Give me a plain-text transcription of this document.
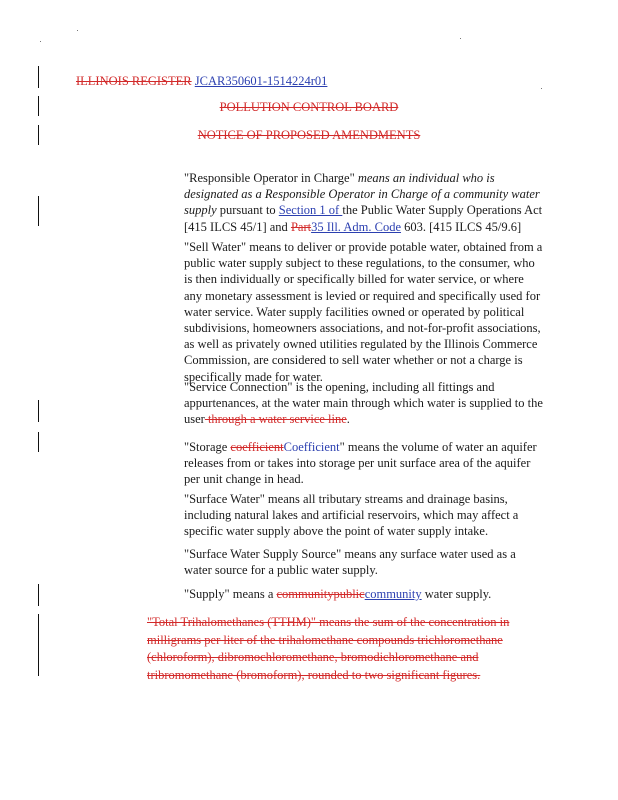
ILLINOIS REGISTER JCAR350601-1514224r01
POLLUTION CONTROL BOARD
NOTICE OF PROPOSED AMENDMENTS

"Responsible Operator in Charge" means an individual who is designated as a Responsible Operator in Charge of a community water supply pursuant to Section 1 of the Public Water Supply Operations Act [415 ILCS 45/1] and Part35 Ill. Adm. Code 603. [415 ILCS 45/9.6]

"Sell Water" means to deliver or provide potable water, obtained from a public water supply subject to these regulations, to the consumer, who is then individually or specifically billed for water service, or where any monetary assessment is levied or required and specifically used for water service. Water supply facilities owned or operated by political subdivisions, homeowners associations, and not-for-profit associations, as well as privately owned utilities regulated by the Illinois Commerce Commission, are considered to sell water whether or not a charge is specifically made for water.

"Service Connection" is the opening, including all fittings and appurtenances, at the water main through which water is supplied to the user through a water service line.

"Storage coefficientCoefficient" means the volume of water an aquifer releases from or takes into storage per unit surface area of the aquifer per unit change in head.

"Surface Water" means all tributary streams and drainage basins, including natural lakes and artificial reservoirs, which may affect a specific water supply above the point of water supply intake.

"Surface Water Supply Source" means any surface water used as a water source for a public water supply.

"Supply" means a communitypubliccommunity water supply.

"Total Trihalomethanes (TTHM)" means the sum of the concentration in milligrams per liter of the trihalomethane compounds trichloromethane (chloroform), dibromochloromethane, bromodichloromethane and tribromomethane (bromoform), rounded to two significant figures.
